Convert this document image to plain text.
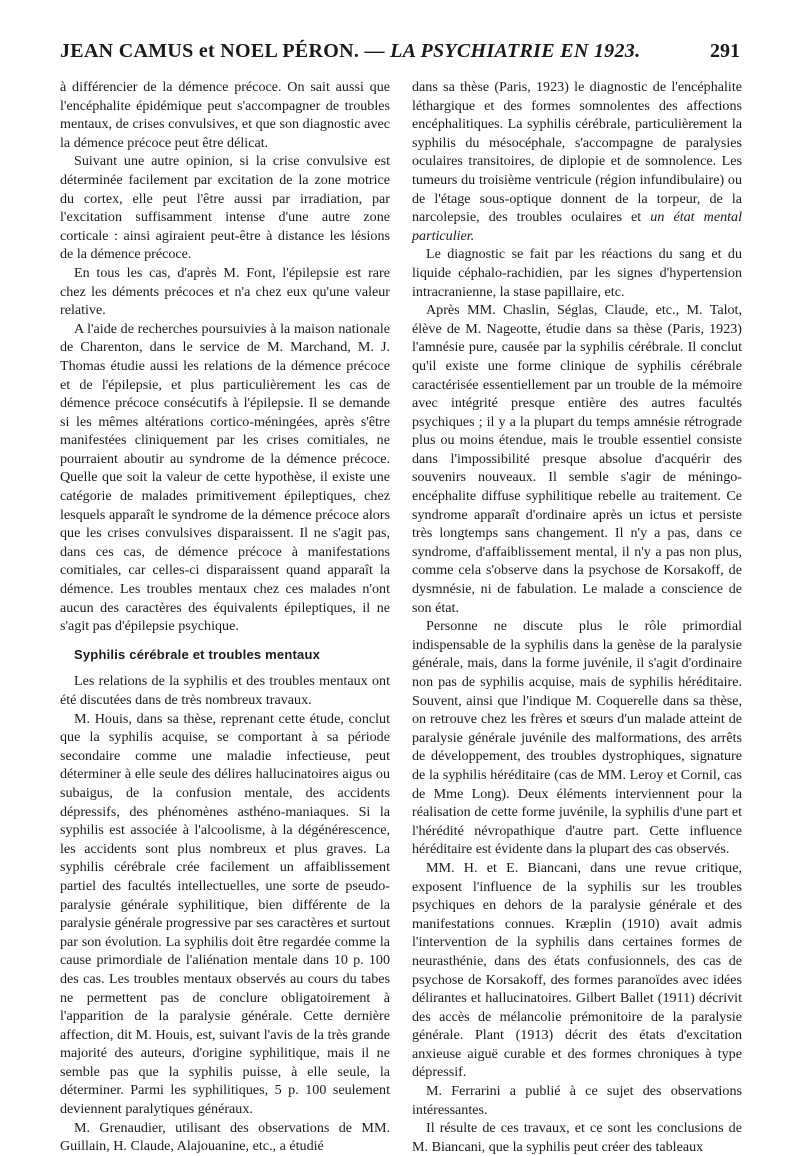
JEAN CAMUS et NOEL PÉRON. — LA PSYCHIATRIE EN 1923.	291

à différencier de la démence précoce. On sait aussi que l'encéphalite épidémique peut s'accompagner de troubles mentaux, de crises convulsives, et que son diagnostic avec la démence précoce peut être délicat.

Suivant une autre opinion, si la crise convulsive est déterminée facilement par excitation de la zone motrice du cortex, elle peut l'être aussi par irradiation, par l'excitation suffisamment intense d'une autre zone corticale : ainsi agiraient peut-être à distance les lésions de la démence précoce.

En tous les cas, d'après M. Font, l'épilepsie est rare chez les déments précoces et n'a chez eux qu'une valeur relative.

A l'aide de recherches poursuivies à la maison nationale de Charenton, dans le service de M. Marchand, M. J. Thomas étudie aussi les relations de la démence précoce et de l'épilepsie, et plus particulièrement les cas de démence précoce consécutifs à l'épilepsie. Il se demande si les mêmes altérations cortico-méningées, après s'être manifestées cliniquement par les crises comitiales, ne pourraient aboutir au syndrome de la démence précoce. Quelle que soit la valeur de cette hypothèse, il existe une catégorie de malades primitivement épileptiques, chez lesquels apparaît le syndrome de la démence précoce alors que les crises convulsives disparaissent. Il ne s'agit pas, dans ces cas, de démence précoce à manifestations comitiales, car celles-ci disparaissent quand apparaît la démence. Les troubles mentaux chez ces malades n'ont aucun des caractères des équivalents épileptiques, il ne s'agit pas d'épilepsie psychique.

Syphilis cérébrale et troubles mentaux

Les relations de la syphilis et des troubles mentaux ont été discutées dans de très nombreux travaux.

M. Houis, dans sa thèse, reprenant cette étude, conclut que la syphilis acquise, se comportant à sa période secondaire comme une maladie infectieuse, peut déterminer à elle seule des délires hallucinatoires aigus ou subaigus, de la confusion mentale, des accidents dépressifs, des phénomènes asthéno-maniaques. Si la syphilis est associée à l'alcoolisme, à la dégénérescence, les accidents sont plus nombreux et plus graves. La syphilis cérébrale crée facilement un affaiblissement partiel des facultés intellectuelles, une sorte de pseudo-paralysie générale syphilitique, bien différente de la paralysie générale progressive par ses caractères et surtout par son évolution. La syphilis doit être regardée comme la cause primordiale de l'aliénation mentale dans 10 p. 100 des cas. Les troubles mentaux observés au cours du tabes ne permettent pas de conclure obligatoirement à l'apparition de la paralysie générale. Cette dernière affection, dit M. Houis, est, suivant l'avis de la très grande majorité des auteurs, d'origine syphilitique, mais il ne semble pas que la syphilis puisse, à elle seule, la déterminer. Parmi les syphilitiques, 5 p. 100 seulement deviennent paralytiques généraux.

M. Grenaudier, utilisant des observations de MM. Guillain, H. Claude, Alajouanine, etc., a étudié

dans sa thèse (Paris, 1923) le diagnostic de l'encéphalite léthargique et des formes somnolentes des affections encéphalitiques. La syphilis cérébrale, particulièrement la syphilis du mésocéphale, s'accompagne de paralysies oculaires transitoires, de diplopie et de somnolence. Les tumeurs du troisième ventricule (région infundibulaire) ou de l'étage sous-optique donnent de la torpeur, de la narcolepsie, des troubles oculaires et un état mental particulier.

Le diagnostic se fait par les réactions du sang et du liquide céphalo-rachidien, par les signes d'hypertension intracranienne, la stase papillaire, etc.

Après MM. Chaslin, Séglas, Claude, etc., M. Talot, élève de M. Nageotte, étudie dans sa thèse (Paris, 1923) l'amnésie pure, causée par la syphilis cérébrale. Il conclut qu'il existe une forme clinique de syphilis cérébrale caractérisée essentiellement par un trouble de la mémoire avec intégrité presque entière des autres facultés psychiques ; il y a la plupart du temps amnésie rétrograde plus ou moins étendue, mais le trouble essentiel consiste dans l'impossibilité presque absolue d'acquérir des souvenirs nouveaux. Il semble s'agir de méningo-encéphalite diffuse syphilitique rebelle au traitement. Ce syndrome apparaît d'ordinaire après un ictus et persiste très longtemps sans changement. Il n'y a pas, dans ce syndrome, d'affaiblissement mental, il n'y a pas non plus, comme cela s'observe dans la psychose de Korsakoff, de dysmnésie, ni de fabulation. Le malade a conscience de son état.

Personne ne discute plus le rôle primordial indispensable de la syphilis dans la genèse de la paralysie générale, mais, dans la forme juvénile, il s'agit d'ordinaire non pas de syphilis acquise, mais de syphilis héréditaire. Souvent, ainsi que l'indique M. Coquerelle dans sa thèse, on retrouve chez les frères et sœurs d'un malade atteint de paralysie générale juvénile des malformations, des arrêts de développement, des troubles dystrophiques, signature de la syphilis héréditaire (cas de MM. Leroy et Cornil, cas de Mme Long). Deux éléments interviennent pour la réalisation de cette forme juvénile, la syphilis d'une part et l'hérédité névropathique d'autre part. Cette influence héréditaire est évidente dans la plupart des cas observés.

MM. H. et E. Biancani, dans une revue critique, exposent l'influence de la syphilis sur les troubles psychiques en dehors de la paralysie générale et des manifestations connues. Kræplin (1910) avait admis l'intervention de la syphilis dans certaines formes de neurasthénie, dans des états confusionnels, des cas de psychose de Korsakoff, des formes paranoïdes avec idées délirantes et hallucinatoires. Gilbert Ballet (1911) décrivit des accès de mélancolie prémonitoire de la paralysie générale. Plant (1913) décrit des états d'excitation anxieuse aiguë curable et des formes chroniques à type dépressif.

M. Ferrarini a publié à ce sujet des observations intéressantes.

Il résulte de ces travaux, et ce sont les conclusions de M. Biancani, que la syphilis peut créer des tableaux
